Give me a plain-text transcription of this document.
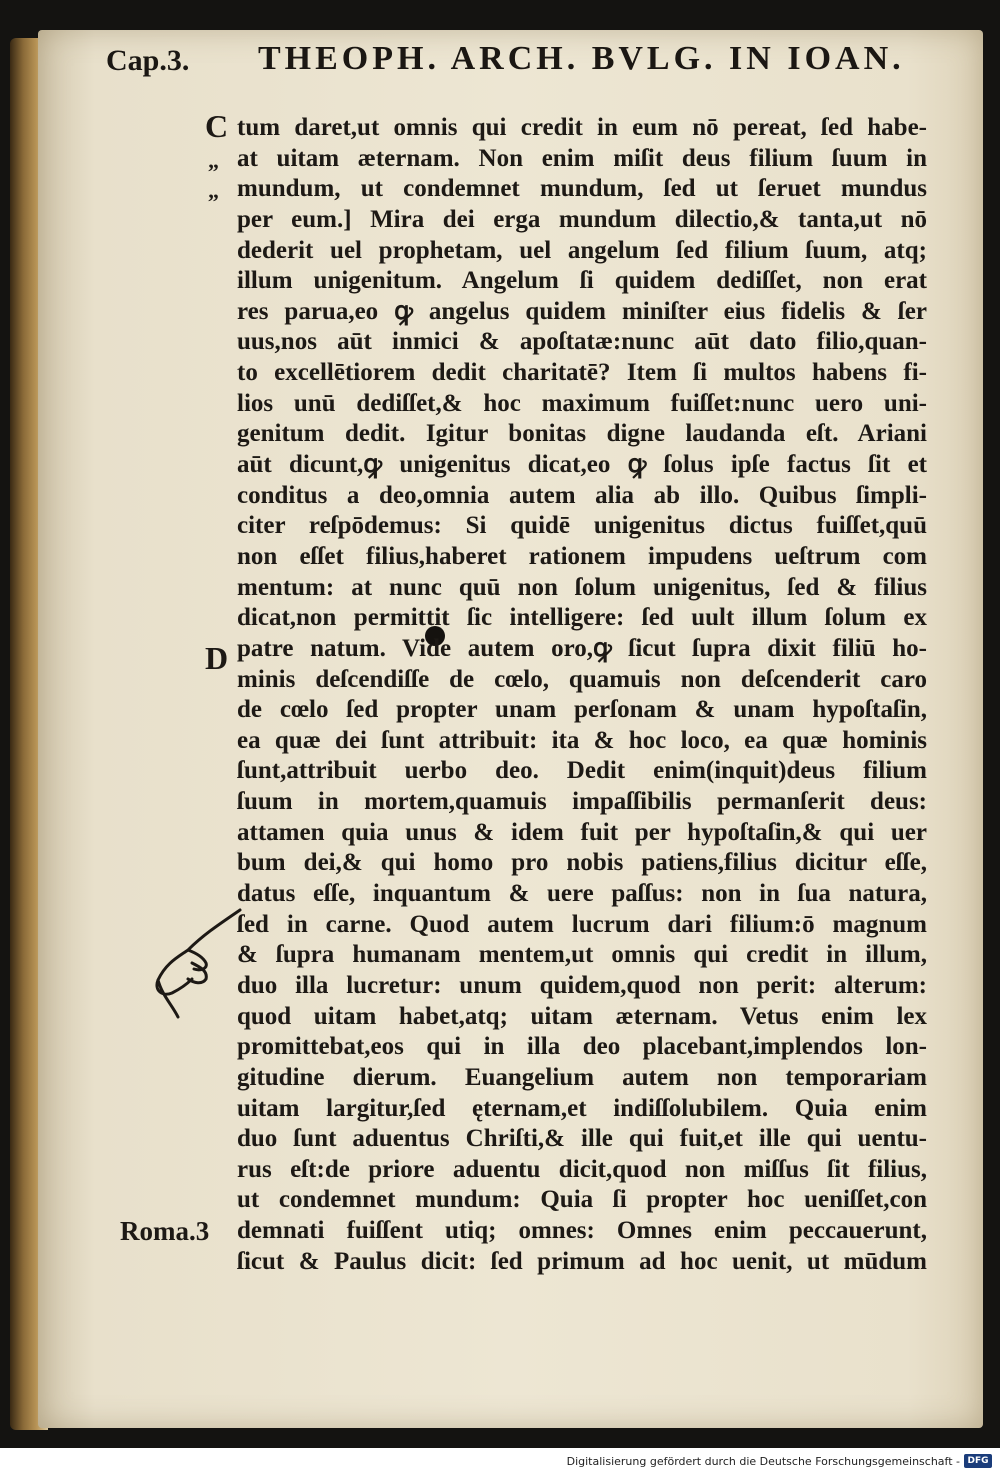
Cap.3. THEOPH. ARCH. BVLG. IN IOAN.
C
„
„
D
Roma.3
tum daret,ut omnis qui credit in eum nō pereat, ſed habe-
at uitam æternam. Non enim miſit deus filium ſuum in
mundum, ut condemnet mundum, ſed ut ſeruet mundus
per eum.] Mira dei erga mundum dilectio,& tanta,ut nō
dederit uel prophetam, uel angelum ſed filium ſuum, atq;
illum unigenitum. Angelum ſi quidem dediſſet, non erat
res parua,eo ꝙ angelus quidem miniſter eius fidelis & ſer
uus,nos aūt inmici & apoſtatæ:nunc aūt dato filio,quan-
to excellētiorem dedit charitatē? Item ſi multos habens fi-
lios unū dediſſet,& hoc maximum fuiſſet:nunc uero uni-
genitum dedit. Igitur bonitas digne laudanda eſt. Ariani
aūt dicunt,ꝙ unigenitus dicat,eo ꝙ ſolus ipſe factus ſit et
conditus a deo,omnia autem alia ab illo. Quibus ſimpli-
citer reſpōdemus: Si quidē unigenitus dictus fuiſſet,quū
non eſſet filius,haberet rationem impudens ueſtrum com
mentum: at nunc quū non ſolum unigenitus, ſed & filius
dicat,non permittit ſic intelligere: ſed uult illum ſolum ex
patre natum. Vide autem oro,ꝙ ſicut ſupra dixit filiū ho-
minis deſcendiſſe de cœlo, quamuis non deſcenderit caro
de cœlo ſed propter unam perſonam & unam hypoſtaſin,
ea quæ dei ſunt attribuit: ita & hoc loco, ea quæ hominis
ſunt,attribuit uerbo deo. Dedit enim(inquit)deus filium
ſuum in mortem,quamuis impaſſibilis permanſerit deus:
attamen quia unus & idem fuit per hypoſtaſin,& qui uer
bum dei,& qui homo pro nobis patiens,filius dicitur eſſe,
datus eſſe, inquantum & uere paſſus: non in ſua natura,
ſed in carne. Quod autem lucrum dari filium:ō magnum
& ſupra humanam mentem,ut omnis qui credit in illum,
duo illa lucretur: unum quidem,quod non perit: alterum:
quod uitam habet,atq; uitam æternam. Vetus enim lex
promittebat,eos qui in illa deo placebant,implendos lon-
gitudine dierum. Euangelium autem non temporariam
uitam largitur,ſed ęternam,et indiſſolubilem. Quia enim
duo ſunt aduentus Chriſti,& ille qui fuit,et ille qui uentu-
rus eſt:de priore aduentu dicit,quod non miſſus ſit filius,
ut condemnet mundum: Quia ſi propter hoc ueniſſet,con
demnati fuiſſent utiq; omnes: Omnes enim peccauerunt,
ſicut & Paulus dicit: ſed primum ad hoc uenit, ut mūdum
Digitalisierung gefördert durch die Deutsche Forschungsgemeinschaft - DFG
